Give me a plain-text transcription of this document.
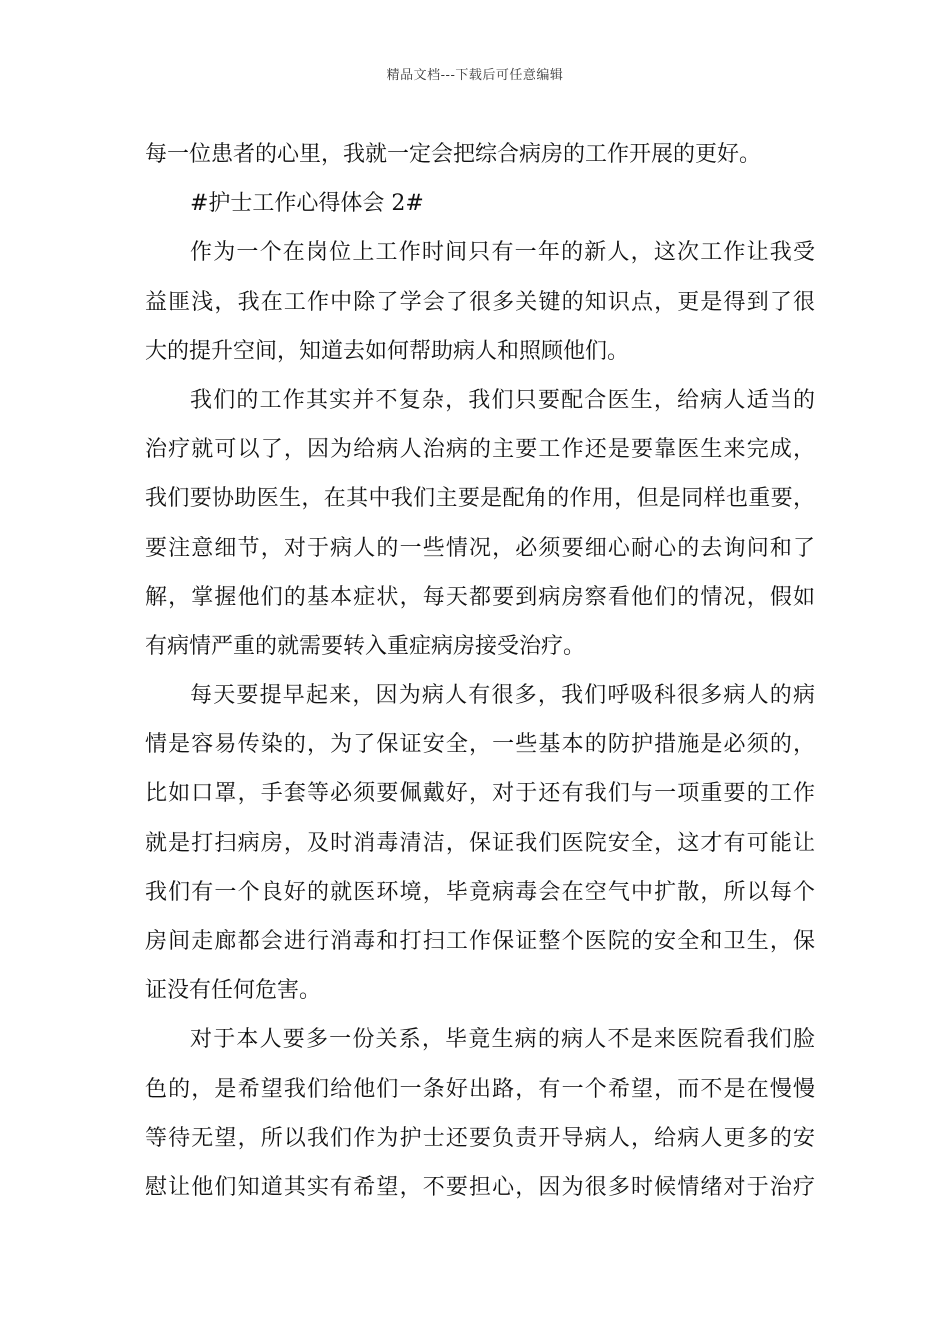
精品文档---下载后可任意编辑
每一位患者的心里，我就一定会把综合病房的工作开展的更好。
#护士工作心得体会 2#
作为一个在岗位上工作时间只有一年的新人，这次工作让我受
益匪浅，我在工作中除了学会了很多关键的知识点，更是得到了很
大的提升空间，知道去如何帮助病人和照顾他们。
我们的工作其实并不复杂，我们只要配合医生，给病人适当的
治疗就可以了，因为给病人治病的主要工作还是要靠医生来完成，
我们要协助医生，在其中我们主要是配角的作用，但是同样也重要，
要注意细节，对于病人的一些情况，必须要细心耐心的去询问和了
解，掌握他们的基本症状，每天都要到病房察看他们的情况，假如
有病情严重的就需要转入重症病房接受治疗。
每天要提早起来，因为病人有很多，我们呼吸科很多病人的病
情是容易传染的，为了保证安全，一些基本的防护措施是必须的，
比如口罩，手套等必须要佩戴好，对于还有我们与一项重要的工作
就是打扫病房，及时消毒清洁，保证我们医院安全，这才有可能让
我们有一个良好的就医环境，毕竟病毒会在空气中扩散，所以每个
房间走廊都会进行消毒和打扫工作保证整个医院的安全和卫生，保
证没有任何危害。
对于本人要多一份关系，毕竟生病的病人不是来医院看我们脸
色的，是希望我们给他们一条好出路，有一个希望，而不是在慢慢
等待无望，所以我们作为护士还要负责开导病人，给病人更多的安
慰让他们知道其实有希望，不要担心，因为很多时候情绪对于治疗
